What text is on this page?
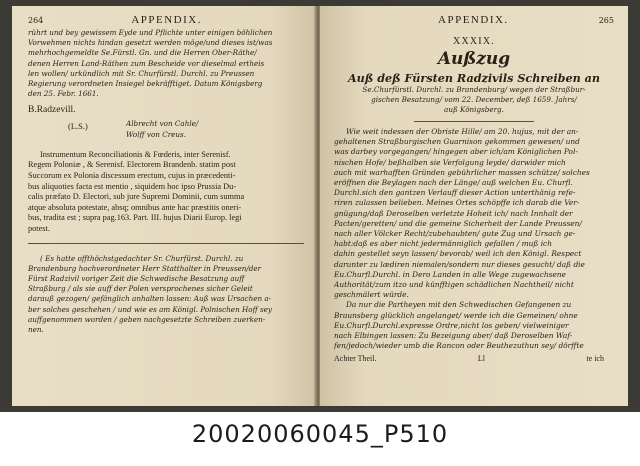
264	APPENDIX.
rührt und bey gewissem Eyde und Pflichte unter einigen böhlichen
Vorwehmen nichts hindan gesetzt werden möge/und dieses ist/was
mehrhochgemeldte Se.Fürstl. Gn. und die Herren Ober-Räthe/
denen Herren Land-Räthen zum Bescheide vor dieselmal ertheis
len wollen/ urkündlich mit Sr. Churfürstl. Durchl. zu Preussen
Regierung verordneten Insiegel bekräfftiget. Datum Königsberg
den 25. Febr. 1661.
B.Radzevill.
(L.S.)	Albrecht von Cahle/
Wolff von Creus.
Instrumentum Reconciliationis & Fœderis, inter Serenisf.
Regem Poloniæ , & Serenisf. Electorem Brandenb. statim post
Succorum ex Polonia discessum erectum, cujus in præcedenti-
bus aliquoties facta est mentio , siquidem hoc ipso Prussia Du-
calis præfato D. Electori, sub jure Supremi Dominii, cum summa
atque absoluta potestate, absq; omnibus ante hac præstitis oneri-
bus, tradita est ; supra pag.163. Part. III. hujus Diarii Europ. legi
potest.
( Es hatte offthöchstgedachter Sr. Churfürst. Durchl. zu
Brandenburg hochverordneter Herr Statthalter in Preussen/der
Fürst Radzivil voriger Zeit die Schwedische Besatzung auff
Straßburg / als sie auff der Polen versprochenes sicher Geleit
darauß gezogen/ gefänglich anhalten lassen: Auß was Ursachen a-
ber solches geschehen / und wie es am Königl. Polnischen Hoff sey
auffgenommen worden / geben nachgesetzte Schreiben zuerken-
nen.
APPENDIX.	265
XXXIX.
Außzug
Auß deß Fürsten Radzivils Schreiben an
Se.Churfürstl. Durchl. zu Brandenburg/ wegen der Straßbur-
gischen Besatzung/ vom 22. December, deß 1659. Jahrs/
auß Königsberg.
Wie weit indessen der Obriste Hille/ am 20. hujus, mit der an-
gehaltenen Straßburgischen Guarnison gekommen gewesen/ und
was darbey vorgegangen/ hingegen aber ich/am Königlichen Pol-
nischen Hofe/ beßhalben sie Verfolgung leyde/ darwider mich
auch mit warhafften Gründen gebührlicher massen schütze/ solches
eröffnen die Beylagen nach der Länge/ auß welchen Eu. Churfl.
Durchl.sich den gantzen Verlauff dieser Action unterthänig refe-
riren zulassen belieben. Meines Ortes schöpffe ich darab die Ver-
gnügung/daß Deroselben verletzte Hoheit ich/ nach Innhalt der
Pacten/geretten/ und die gemeine Sicherheit der Lande Preussen/
nach aller Völcker Recht/zubehaubten/ gute Zug und Ursach ge-
habt:daß es aber nicht jedermänniglich gefallen / muß ich
dahin gestellet seyn lassen/ bevorab/ weil ich den Königl. Respect
darunter zu lædiren niemalen/sondern nur dieses gesucht/ daß die
Eu.Churfl.Durchl. in Dero Landen in alle Wege zugewachsene
Authorität/zum itzo und künfftigen schädlichen Nachtheil/ nicht
geschmälert würde.
Da nur die Partheyen mit den Schwedischen Gefangenen zu
Braunsberg glücklich angelanget/ werde ich die Gemeinen/ ohne
Eu.Churfl.Durchl.expresse Ordre,nicht los geben/ vielweiniger
nach Elbingen lassen: Zu Bezeigung aber/ daß Deroselben Waf-
fen/jedoch/wieder umb die Rancon oder Beuthezuthun sey/ dörffte
Achter Theil.	Ll	te ich
20020060045_P510
